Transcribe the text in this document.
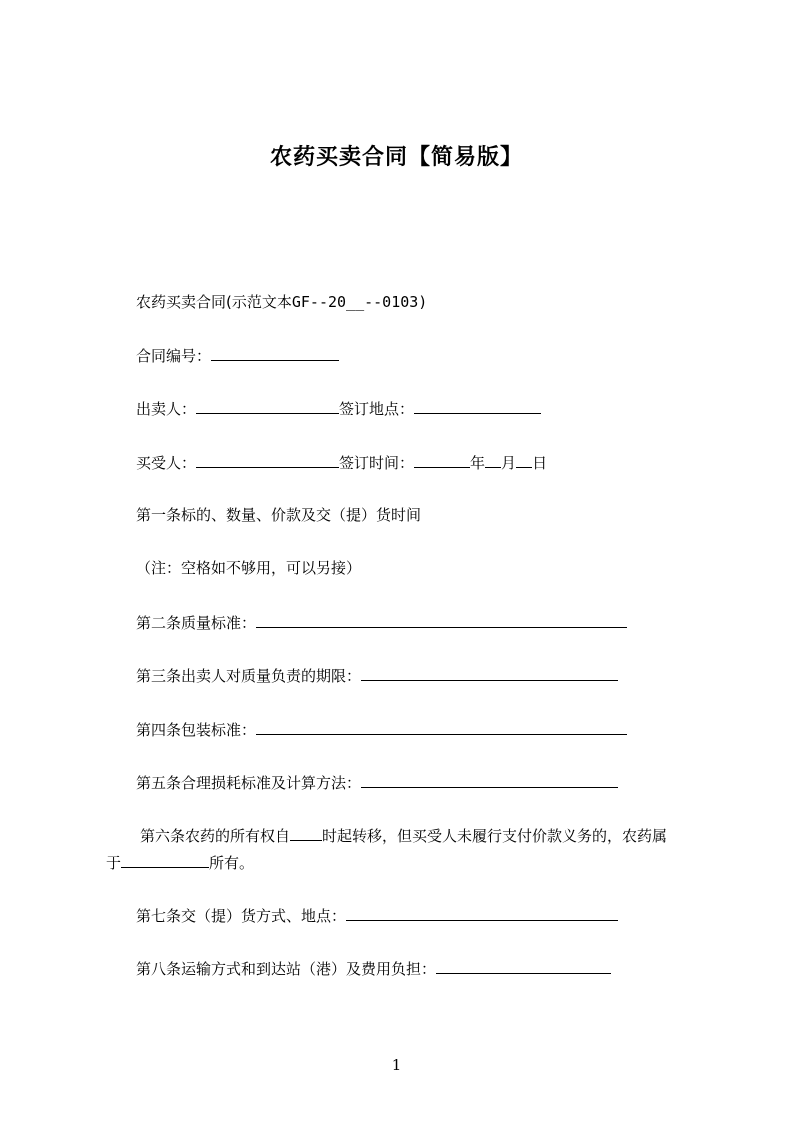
农药买卖合同【简易版】
农药买卖合同(示范文本GF--20__--0103)
合同编号：
出卖人：	签订地点：
买受人：	签订时间：	年 月 日
第一条标的、数量、价款及交（提）货时间
（注：空格如不够用，可以另接）
第二条质量标准：
第三条出卖人对质量负责的期限：
第四条包装标准：
第五条合理损耗标准及计算方法：
第六条农药的所有权自 时起转移，但买受人未履行支付价款义务的，农药属
于	所有。
第七条交（提）货方式、地点：
第八条运输方式和到达站（港）及费用负担：
1
